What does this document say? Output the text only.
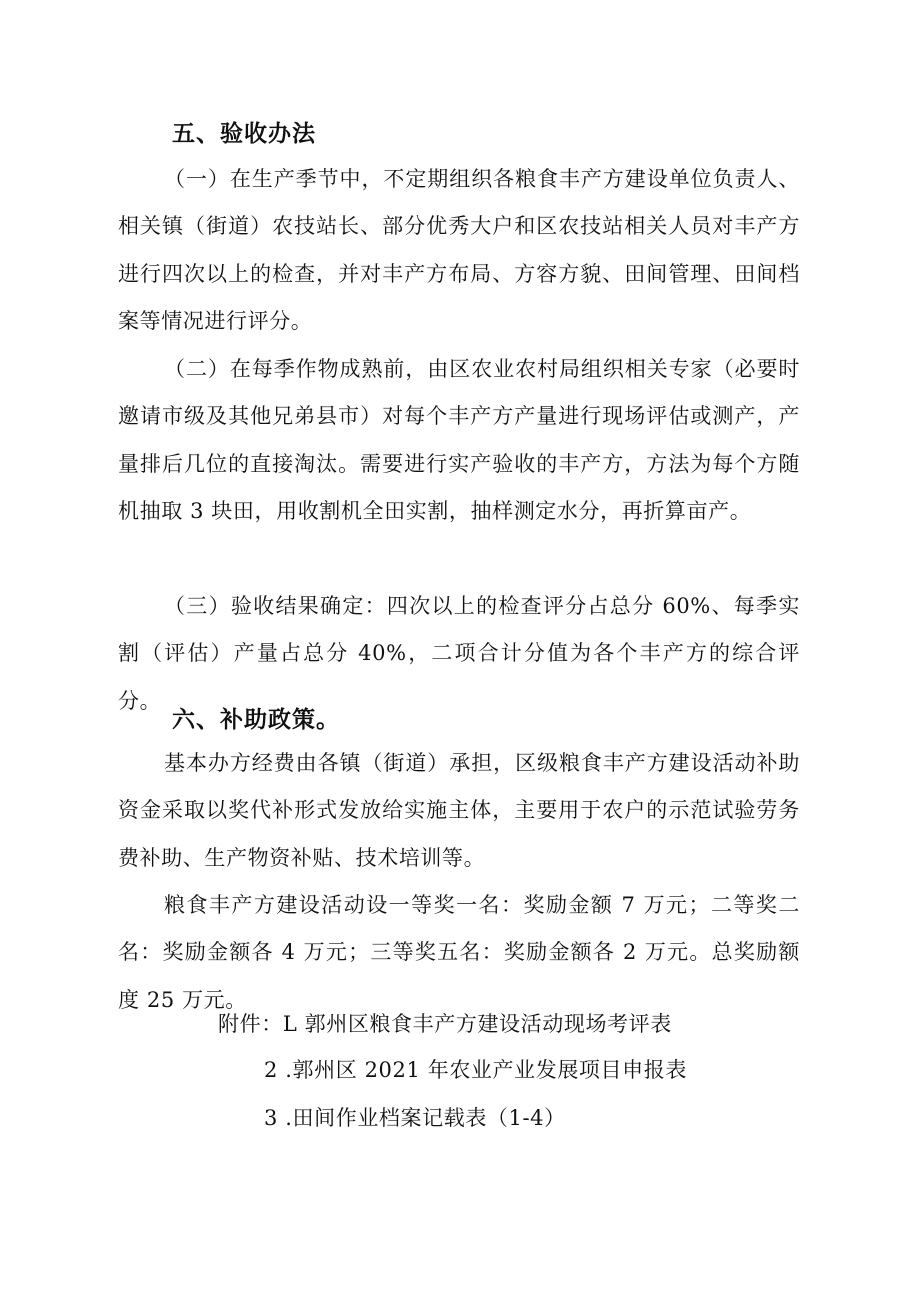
五、验收办法

（一）在生产季节中，不定期组织各粮食丰产方建设单位负责人、相关镇（街道）农技站长、部分优秀大户和区农技站相关人员对丰产方进行四次以上的检查，并对丰产方布局、方容方貌、田间管理、田间档案等情况进行评分。

（二）在每季作物成熟前，由区农业农村局组织相关专家（必要时邀请市级及其他兄弟县市）对每个丰产方产量进行现场评估或测产，产量排后几位的直接淘汰。需要进行实产验收的丰产方，方法为每个方随机抽取 3 块田，用收割机全田实割，抽样测定水分，再折算亩产。

（三）验收结果确定：四次以上的检查评分占总分 60%、每季实割（评估）产量占总分 40%，二项合计分值为各个丰产方的综合评分。

六、补助政策。

基本办方经费由各镇（街道）承担，区级粮食丰产方建设活动补助资金采取以奖代补形式发放给实施主体，主要用于农户的示范试验劳务费补助、生产物资补贴、技术培训等。

粮食丰产方建设活动设一等奖一名：奖励金额 7 万元；二等奖二名：奖励金额各 4 万元；三等奖五名：奖励金额各 2 万元。总奖励额度 25 万元。

附件：L 郭州区粮食丰产方建设活动现场考评表
2 .郭州区 2021 年农业产业发展项目申报表
3 .田间作业档案记载表（1-4）
